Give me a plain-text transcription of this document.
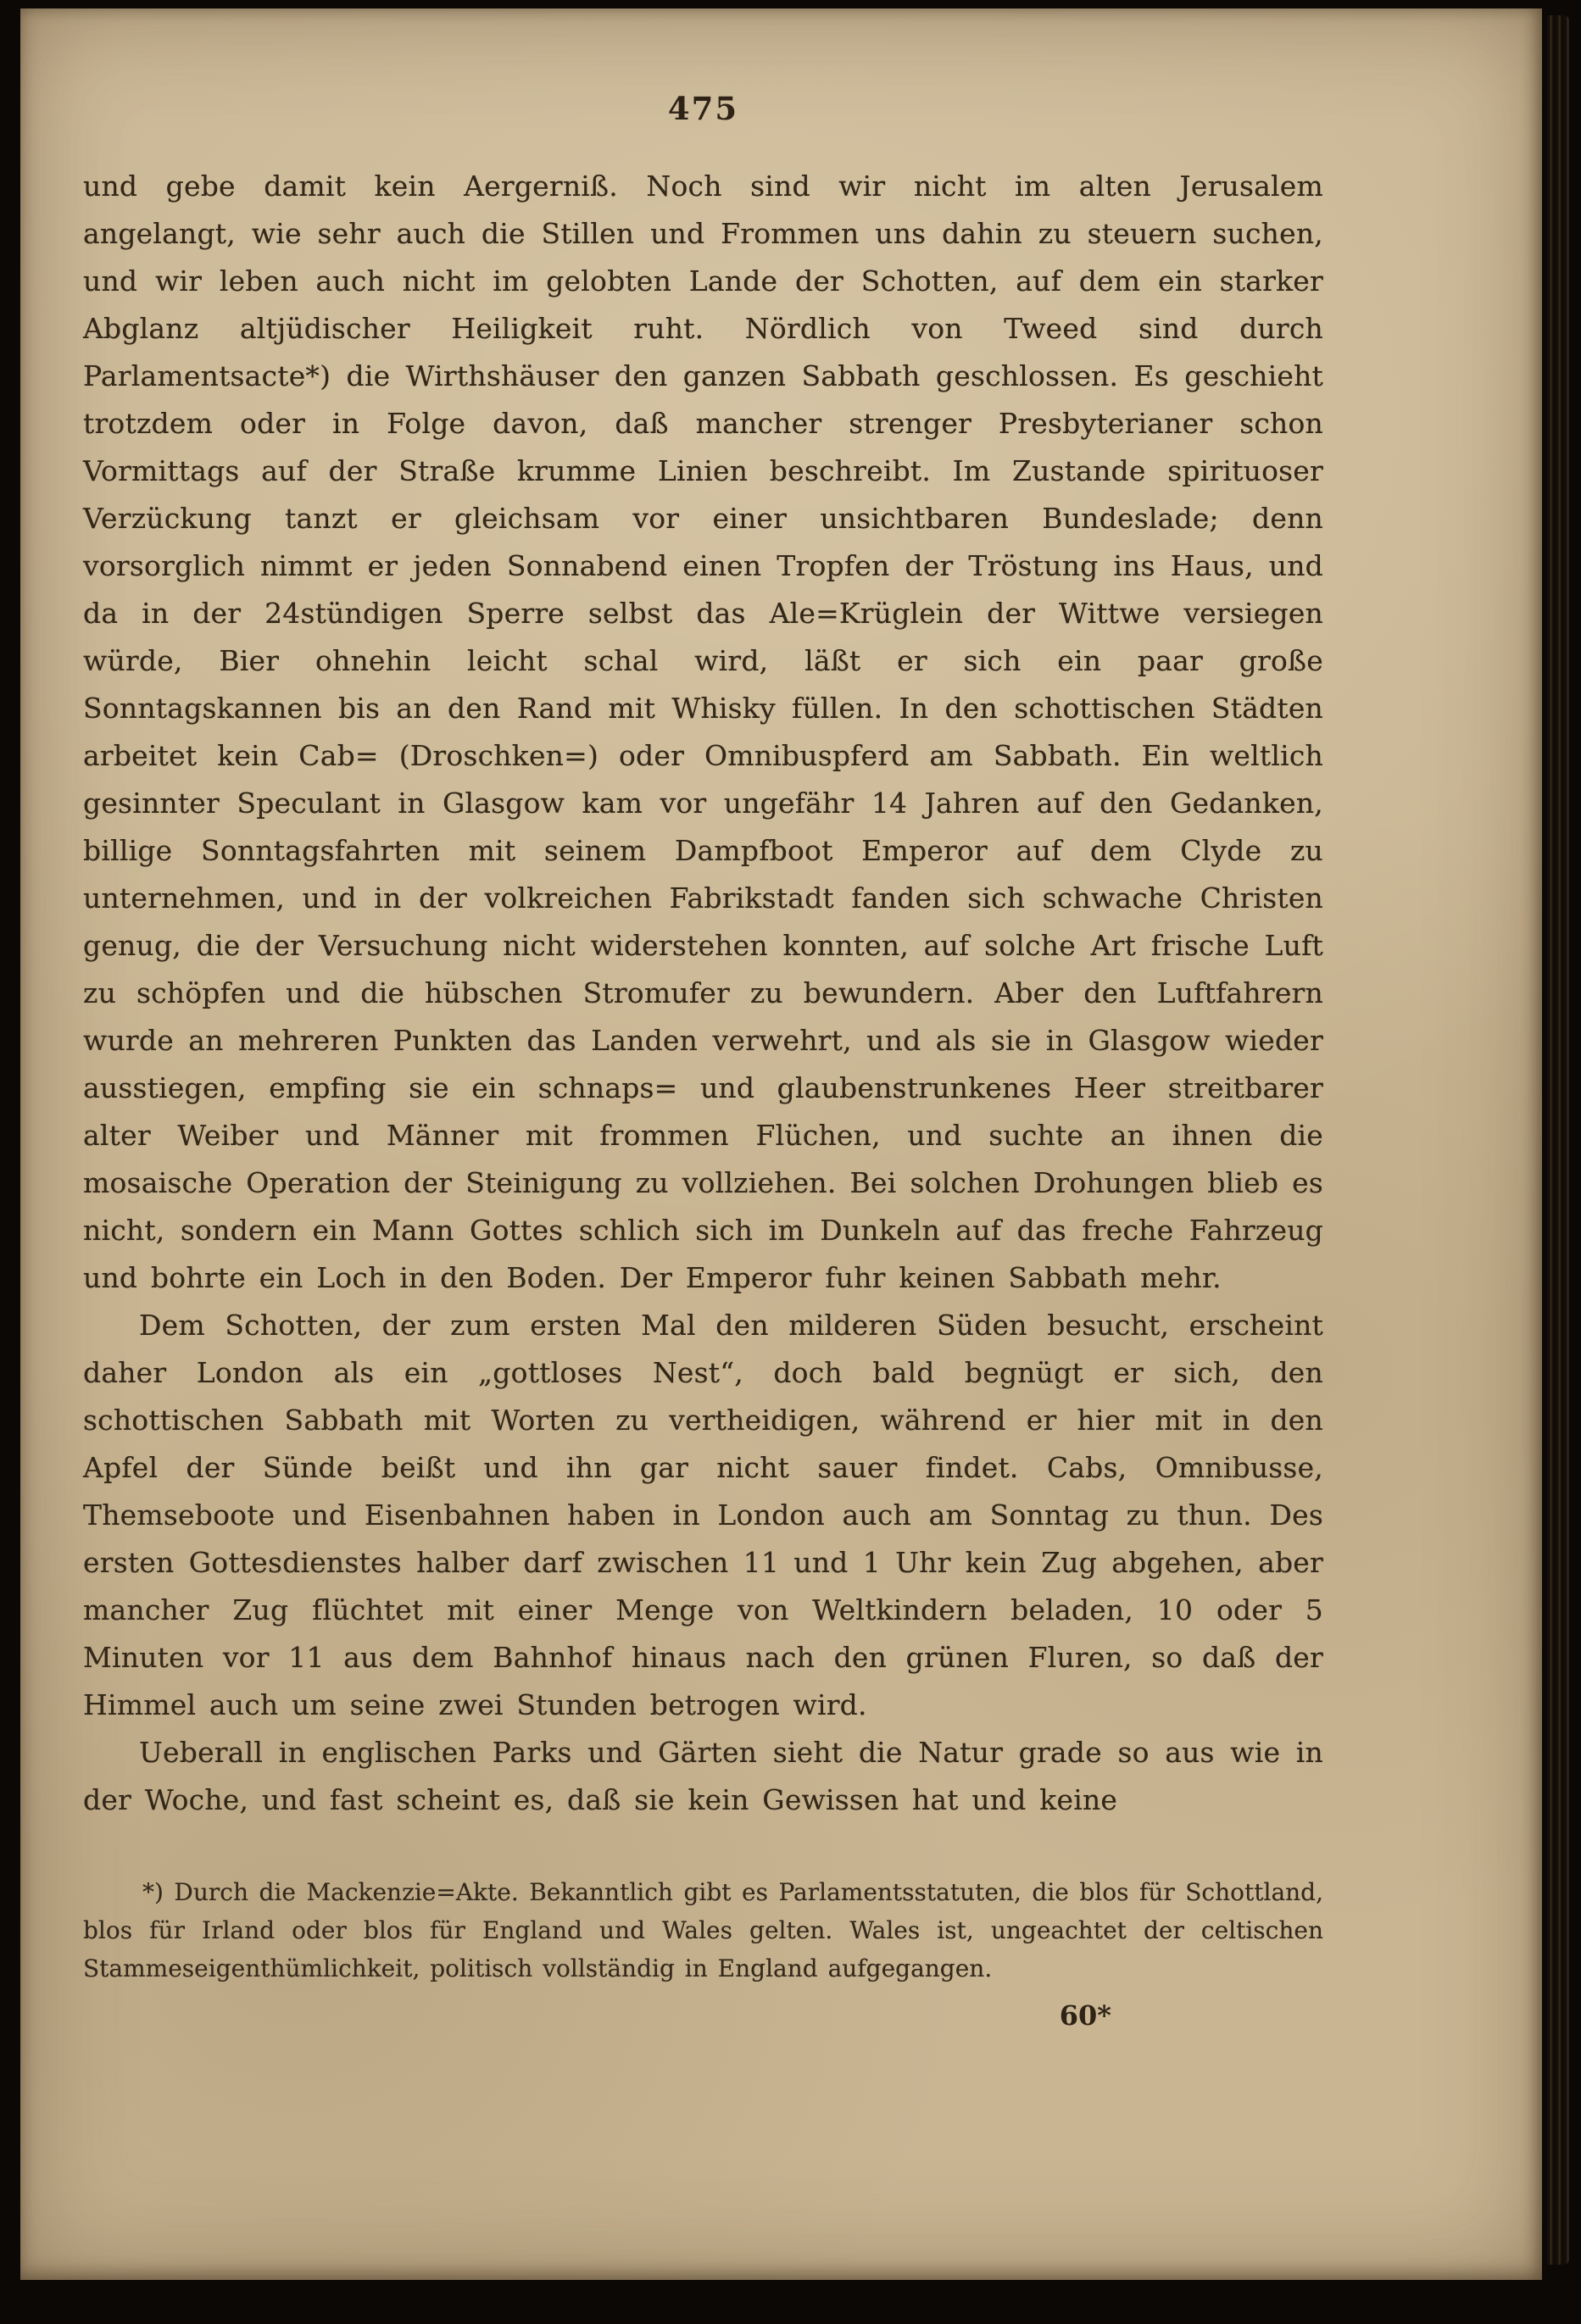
475

und gebe damit kein Aergerniß. Noch sind wir nicht im alten Jerusalem angelangt, wie sehr auch die Stillen und Frommen uns dahin zu steuern suchen, und wir leben auch nicht im gelobten Lande der Schotten, auf dem ein starker Abglanz altjüdischer Heiligkeit ruht. Nördlich von Tweed sind durch Parlamentsacte*) die Wirthshäuser den ganzen Sabbath geschlossen. Es geschieht trotzdem oder in Folge davon, daß mancher strenger Presbyterianer schon Vormittags auf der Straße krumme Linien beschreibt. Im Zustande spirituoser Verzückung tanzt er gleichsam vor einer unsichtbaren Bundeslade; denn vorsorglich nimmt er jeden Sonnabend einen Tropfen der Tröstung ins Haus, und da in der 24stündigen Sperre selbst das Ale=Krüglein der Wittwe versiegen würde, Bier ohnehin leicht schal wird, läßt er sich ein paar große Sonntagskannen bis an den Rand mit Whisky füllen. In den schottischen Städten arbeitet kein Cab= (Droschken=) oder Omnibuspferd am Sabbath. Ein weltlich gesinnter Speculant in Glasgow kam vor ungefähr 14 Jahren auf den Gedanken, billige Sonntagsfahrten mit seinem Dampfboot Emperor auf dem Clyde zu unternehmen, und in der volkreichen Fabrikstadt fanden sich schwache Christen genug, die der Versuchung nicht widerstehen konnten, auf solche Art frische Luft zu schöpfen und die hübschen Stromufer zu bewundern. Aber den Luftfahrern wurde an mehreren Punkten das Landen verwehrt, und als sie in Glasgow wieder ausstiegen, empfing sie ein schnaps= und glaubenstrunkenes Heer streitbarer alter Weiber und Männer mit frommen Flüchen, und suchte an ihnen die mosaische Operation der Steinigung zu vollziehen. Bei solchen Drohungen blieb es nicht, sondern ein Mann Gottes schlich sich im Dunkeln auf das freche Fahrzeug und bohrte ein Loch in den Boden. Der Emperor fuhr keinen Sabbath mehr.

Dem Schotten, der zum ersten Mal den milderen Süden besucht, erscheint daher London als ein „gottloses Nest“, doch bald begnügt er sich, den schottischen Sabbath mit Worten zu vertheidigen, während er hier mit in den Apfel der Sünde beißt und ihn gar nicht sauer findet. Cabs, Omnibusse, Themseboote und Eisenbahnen haben in London auch am Sonntag zu thun. Des ersten Gottesdienstes halber darf zwischen 11 und 1 Uhr kein Zug abgehen, aber mancher Zug flüchtet mit einer Menge von Weltkindern beladen, 10 oder 5 Minuten vor 11 aus dem Bahnhof hinaus nach den grünen Fluren, so daß der Himmel auch um seine zwei Stunden betrogen wird.

Ueberall in englischen Parks und Gärten sieht die Natur grade so aus wie in der Woche, und fast scheint es, daß sie kein Gewissen hat und keine

*) Durch die Mackenzie=Akte. Bekanntlich gibt es Parlamentsstatuten, die blos für Schottland, blos für Irland oder blos für England und Wales gelten. Wales ist, ungeachtet der celtischen Stammeseigenthümlichkeit, politisch vollständig in England aufgegangen.
60*
